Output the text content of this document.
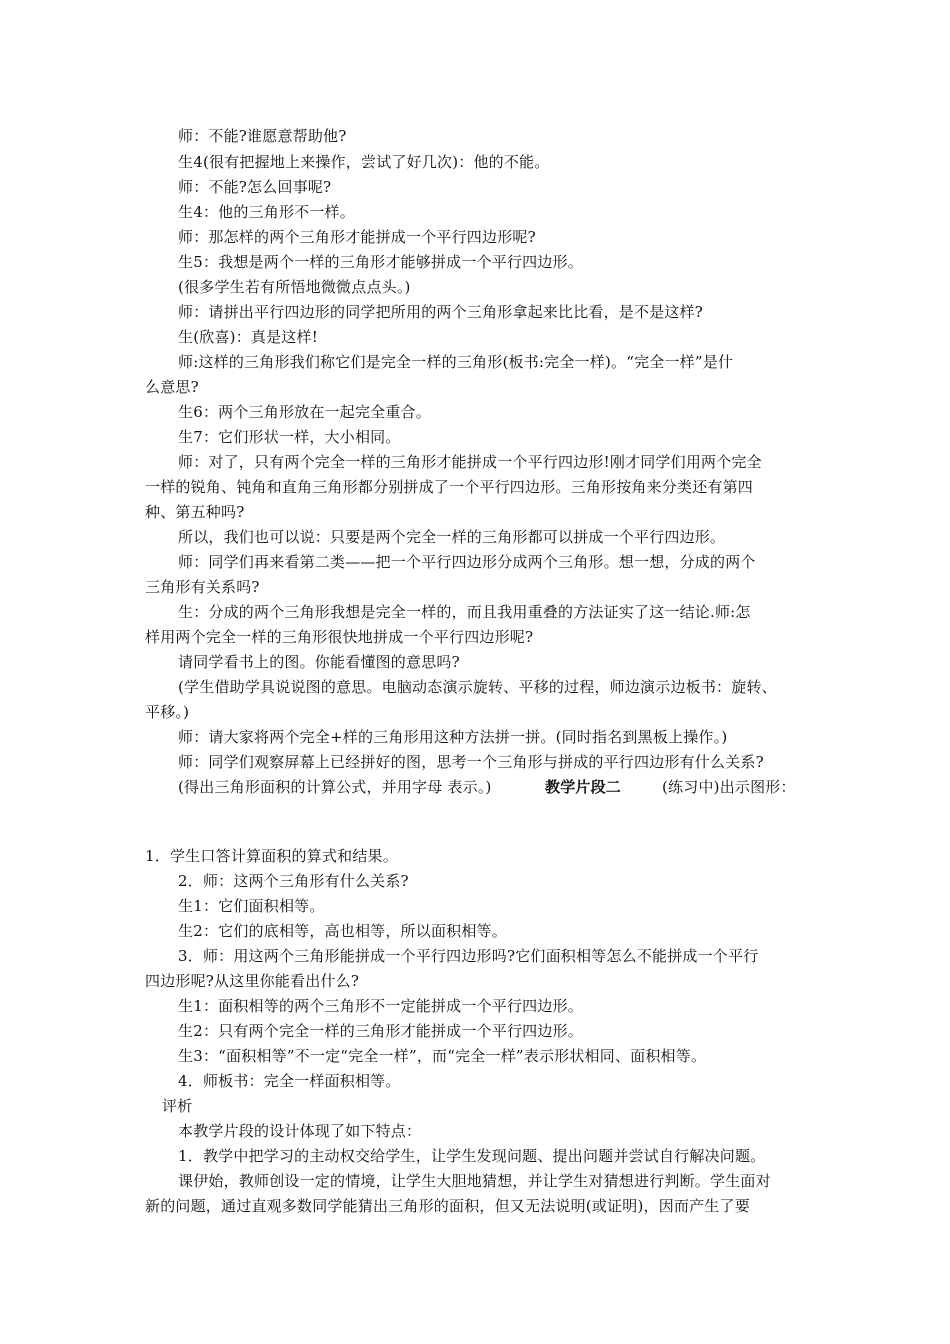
师：不能?谁愿意帮助他?
生4(很有把握地上来操作，尝试了好几次)：他的不能。
师：不能?怎么回事呢?
生4：他的三角形不一样。
师：那怎样的两个三角形才能拼成一个平行四边形呢?
生5：我想是两个一样的三角形才能够拼成一个平行四边形。
(很多学生若有所悟地微微点点头。)
师：请拼出平行四边形的同学把所用的两个三角形拿起来比比看，是不是这样?
生(欣喜)：真是这样!
师:这样的三角形我们称它们是完全一样的三角形(板书:完全一样)。“完全一样”是什
么意思?
生6：两个三角形放在一起完全重合。
生7：它们形状一样，大小相同。
师：对了，只有两个完全一样的三角形才能拼成一个平行四边形!刚才同学们用两个完全
一样的锐角、钝角和直角三角形都分别拼成了一个平行四边形。三角形按角来分类还有第四
种、第五种吗?
所以，我们也可以说：只要是两个完全一样的三角形都可以拼成一个平行四边形。
师：同学们再来看第二类——把一个平行四边形分成两个三角形。想一想，分成的两个
三角形有关系吗?
生：分成的两个三角形我想是完全一样的，而且我用重叠的方法证实了这一结论.师:怎
样用两个完全一样的三角形很快地拼成一个平行四边形呢?
请同学看书上的图。你能看懂图的意思吗?
(学生借助学具说说图的意思。电脑动态演示旋转、平移的过程，师边演示边板书：旋转、
平移。)
师：请大家将两个完全+样的三角形用这种方法拼一拼。(同时指名到黑板上操作。)
师：同学们观察屏幕上已经拼好的图，思考一个三角形与拼成的平行四边形有什么关系?
(得出三角形面积的计算公式，并用字母 表示。)	教学片段二	(练习中)出示图形：
1．学生口答计算面积的算式和结果。
2．师：这两个三角形有什么关系?
生1：它们面积相等。
生2：它们的底相等，高也相等，所以面积相等。
3．师：用这两个三角形能拼成一个平行四边形吗?它们面积相等怎么不能拼成一个平行
四边形呢?从这里你能看出什么?
生1：面积相等的两个三角形不一定能拼成一个平行四边形。
生2：只有两个完全一样的三角形才能拼成一个平行四边形。
生3：“面积相等”不一定“完全一样”，而“完全一样”表示形状相同、面积相等。
4．师板书：完全一样面积相等。
评析
本教学片段的设计体现了如下特点：
1．教学中把学习的主动权交给学生，让学生发现问题、提出问题并尝试自行解决问题。
课伊始，教师创设一定的情境，让学生大胆地猜想，并让学生对猜想进行判断。学生面对
新的问题，通过直观多数同学能猜出三角形的面积，但又无法说明(或证明)，因而产生了要
